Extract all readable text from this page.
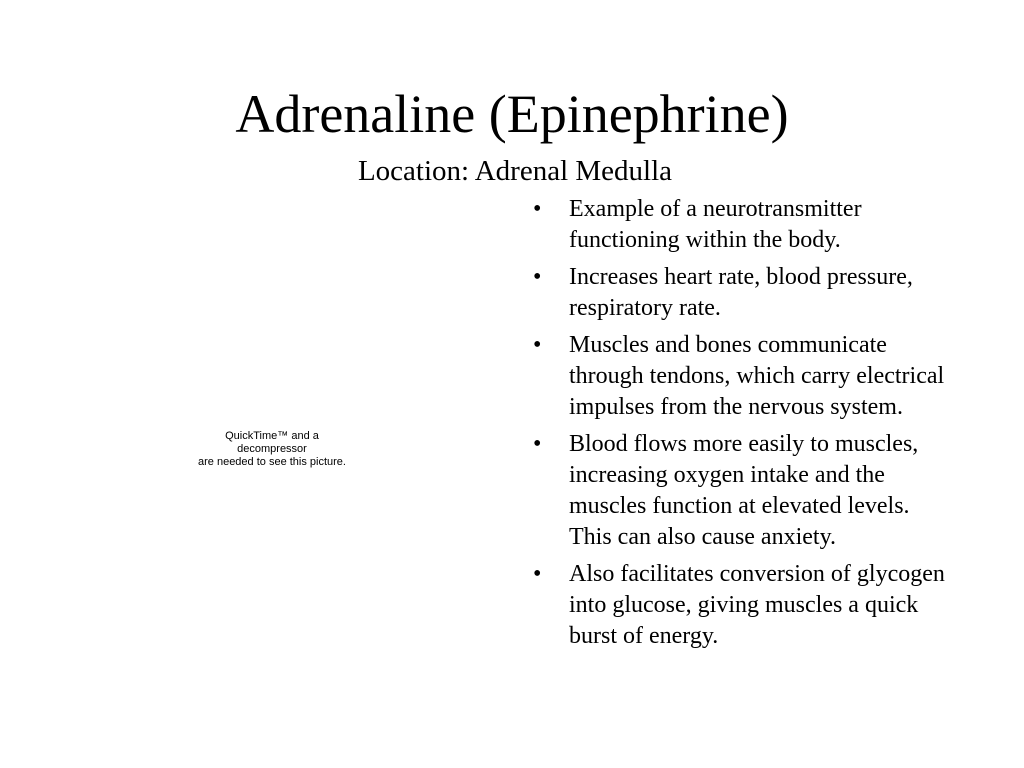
Adrenaline (Epinephrine)
Location: Adrenal Medulla
QuickTime™ and a
decompressor
are needed to see this picture.
• Example of a neurotransmitter functioning within the body.
• Increases heart rate, blood pressure, respiratory rate.
• Muscles and bones communicate through tendons, which carry electrical impulses from the nervous system.
• Blood flows more easily to muscles, increasing oxygen intake and the muscles function at elevated levels. This can also cause anxiety.
• Also facilitates conversion of glycogen into glucose, giving muscles a quick burst of energy.
